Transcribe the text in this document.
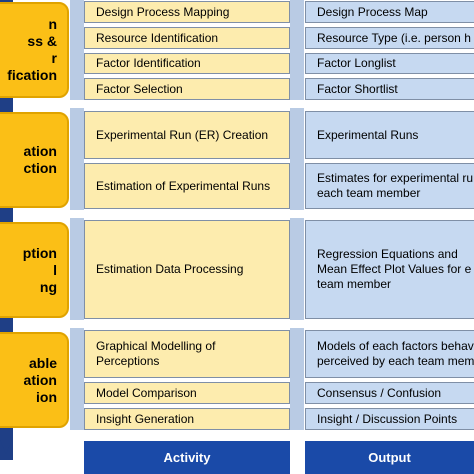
n
ss &
r
fication
ation
ction
ption
l
ng
able
ation
ion
Design Process Mapping
Resource Identification
Factor Identification
Factor Selection
Experimental Run (ER) Creation
Estimation of Experimental Runs
Estimation Data Processing
Graphical Modelling of
Perceptions
Model Comparison
Insight Generation
Design Process Map
Resource Type (i.e. person h
Factor Longlist
Factor Shortlist
Experimental Runs
Estimates for experimental ru
each team member
Regression Equations and
Mean Effect Plot Values for e
team member
Models of each factors behav
perceived by each team mem
Consensus / Confusion
Insight / Discussion Points
Activity	Output
